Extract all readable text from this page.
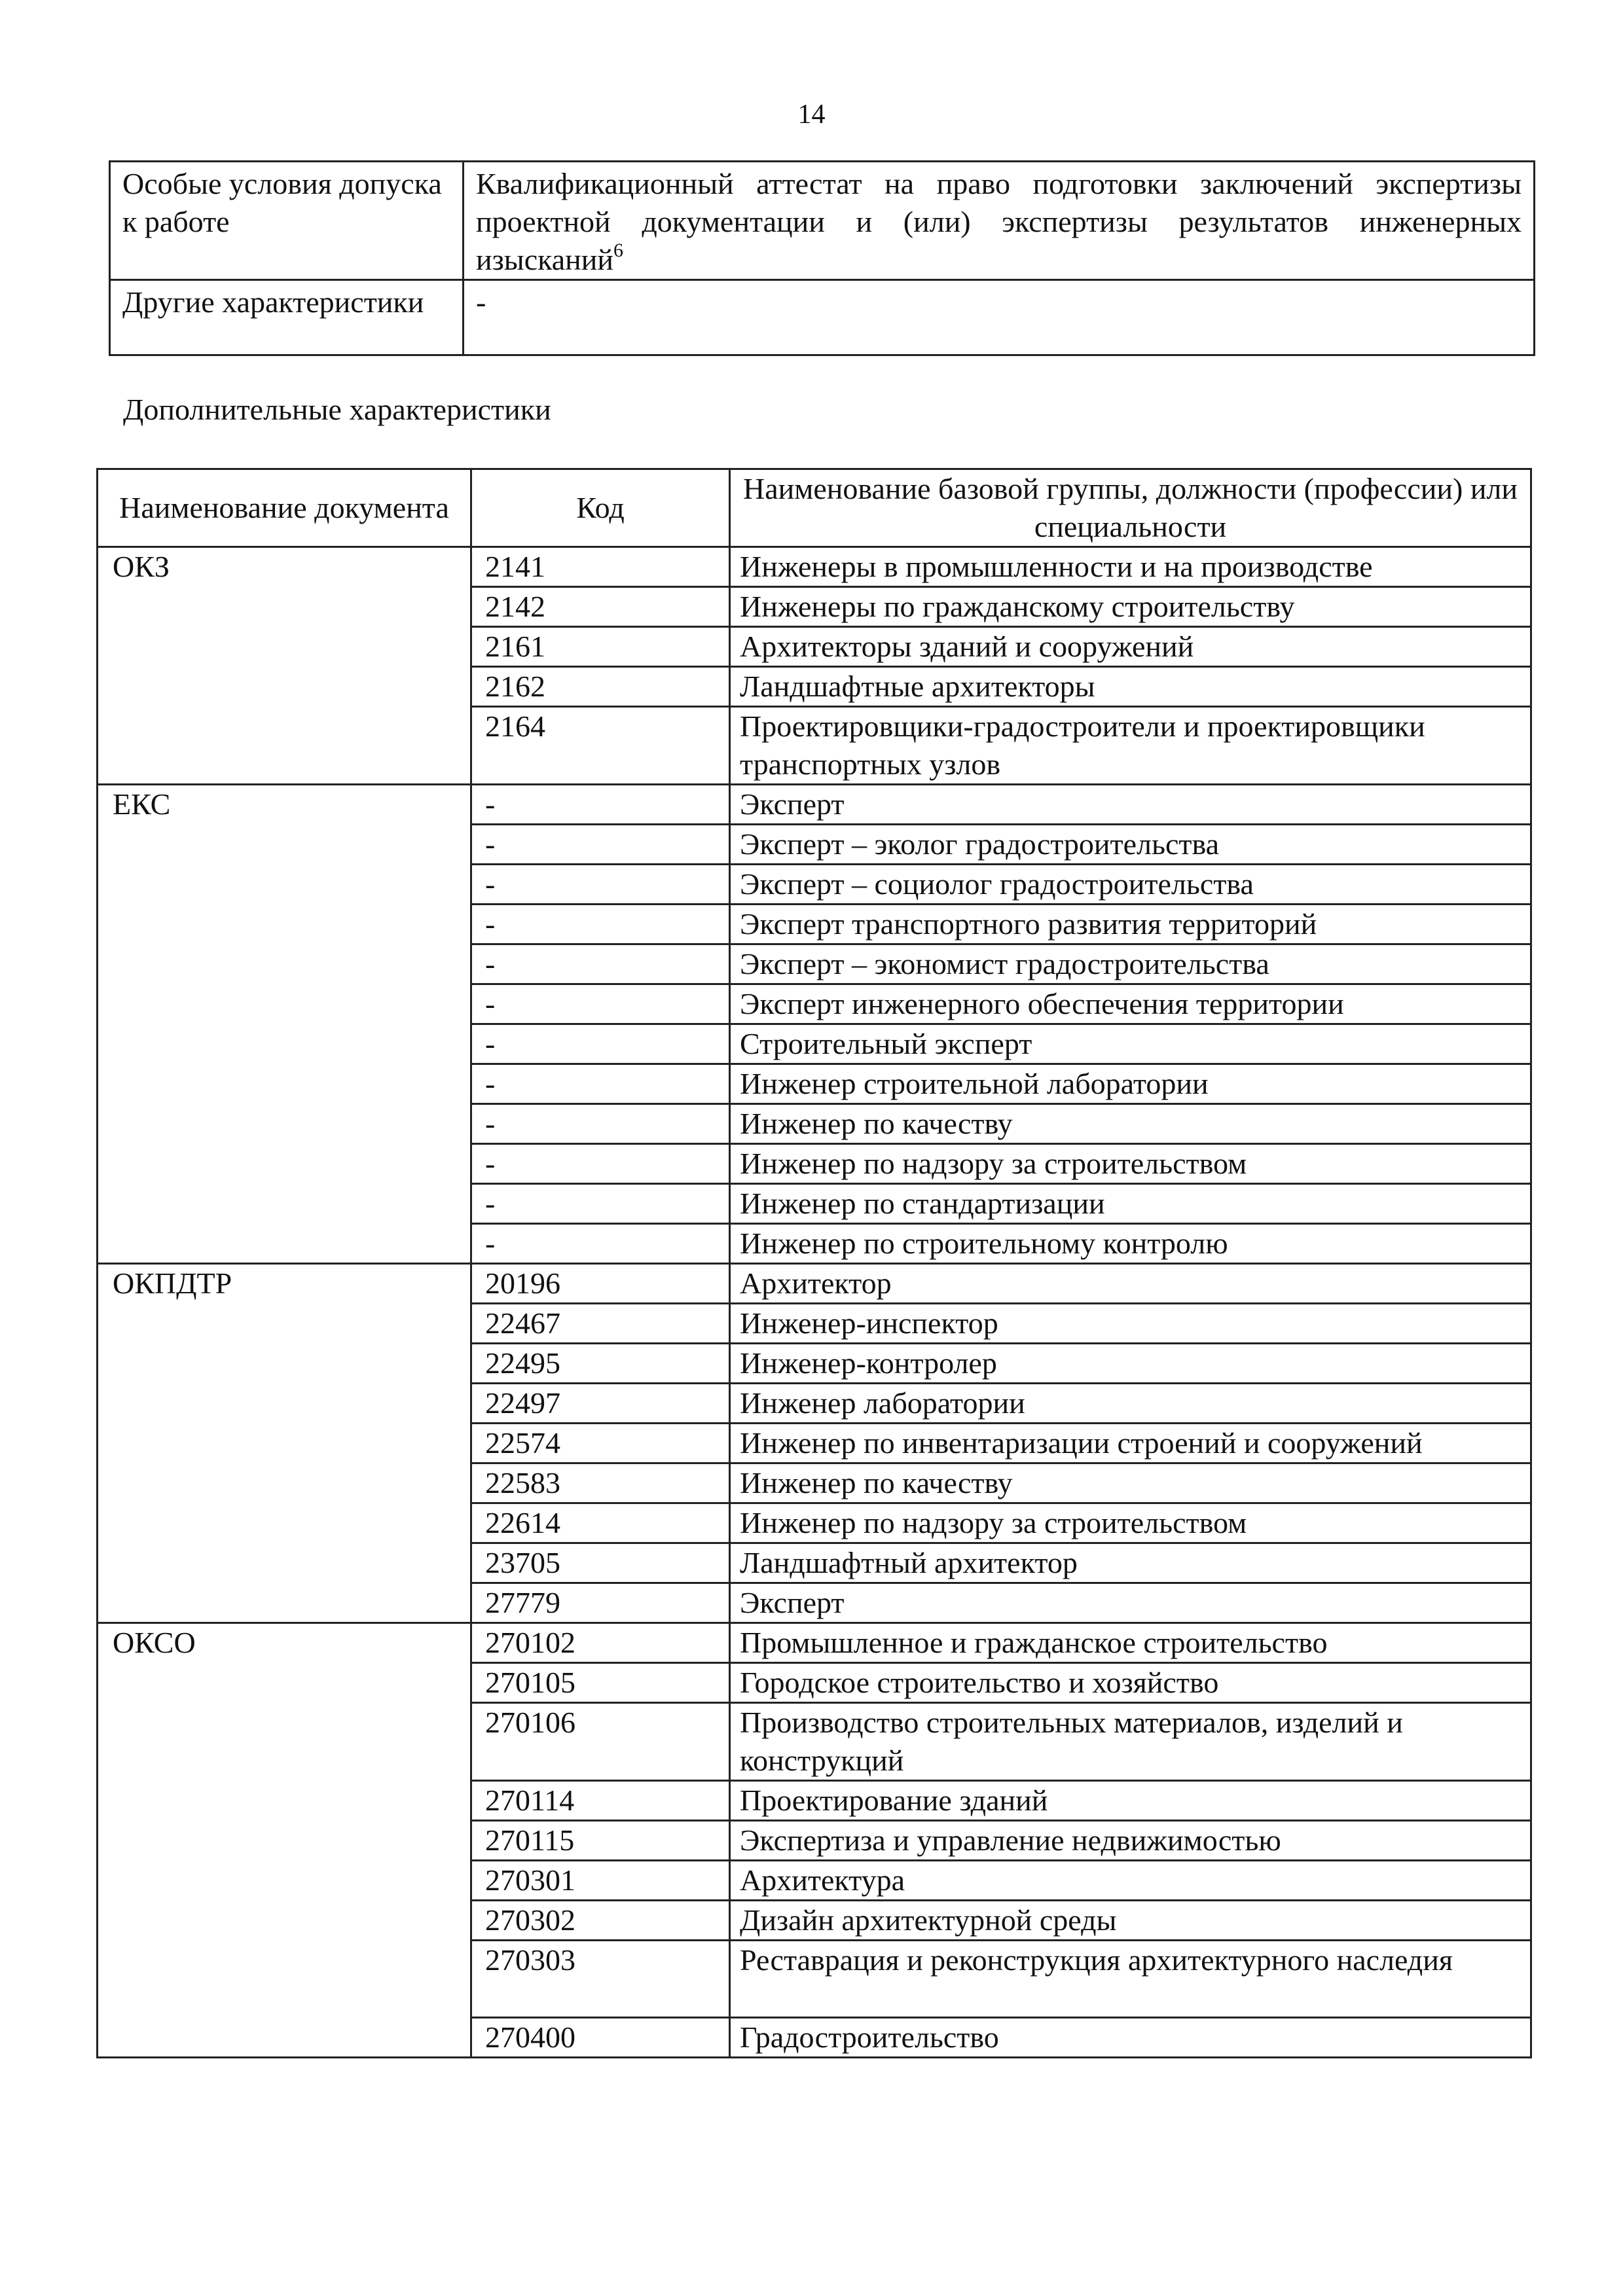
14
Особые условия допуска к работе	Квалификационный аттестат на право подготовки заключений экспертизы проектной документации и (или) экспертизы результатов инженерных изысканий$^6$
Другие характеристики	-
Дополнительные характеристики
Наименование документа	Код	Наименование базовой группы, должности (профессии) или специальности
ОКЗ	2141	Инженеры в промышленности и на производстве
	2142	Инженеры по гражданскому строительству
	2161	Архитекторы зданий и сооружений
	2162	Ландшафтные архитекторы
	2164	Проектировщики-градостроители и проектировщики транспортных узлов
ЕКС	-	Эксперт
	-	Эксперт – эколог градостроительства
	-	Эксперт – социолог градостроительства
	-	Эксперт транспортного развития территорий
	-	Эксперт – экономист градостроительства
	-	Эксперт инженерного обеспечения территории
	-	Строительный эксперт
	-	Инженер строительной лаборатории
	-	Инженер по качеству
	-	Инженер по надзору за строительством
	-	Инженер по стандартизации
	-	Инженер по строительному контролю
ОКПДТР	20196	Архитектор
	22467	Инженер-инспектор
	22495	Инженер-контролер
	22497	Инженер лаборатории
	22574	Инженер по инвентаризации строений и сооружений
	22583	Инженер по качеству
	22614	Инженер по надзору за строительством
	23705	Ландшафтный архитектор
	27779	Эксперт
ОКСО	270102	Промышленное и гражданское строительство
	270105	Городское строительство и хозяйство
	270106	Производство строительных материалов, изделий и конструкций
	270114	Проектирование зданий
	270115	Экспертиза и управление недвижимостью
	270301	Архитектура
	270302	Дизайн архитектурной среды
	270303	Реставрация и реконструкция архитектурного наследия
	270400	Градостроительство
